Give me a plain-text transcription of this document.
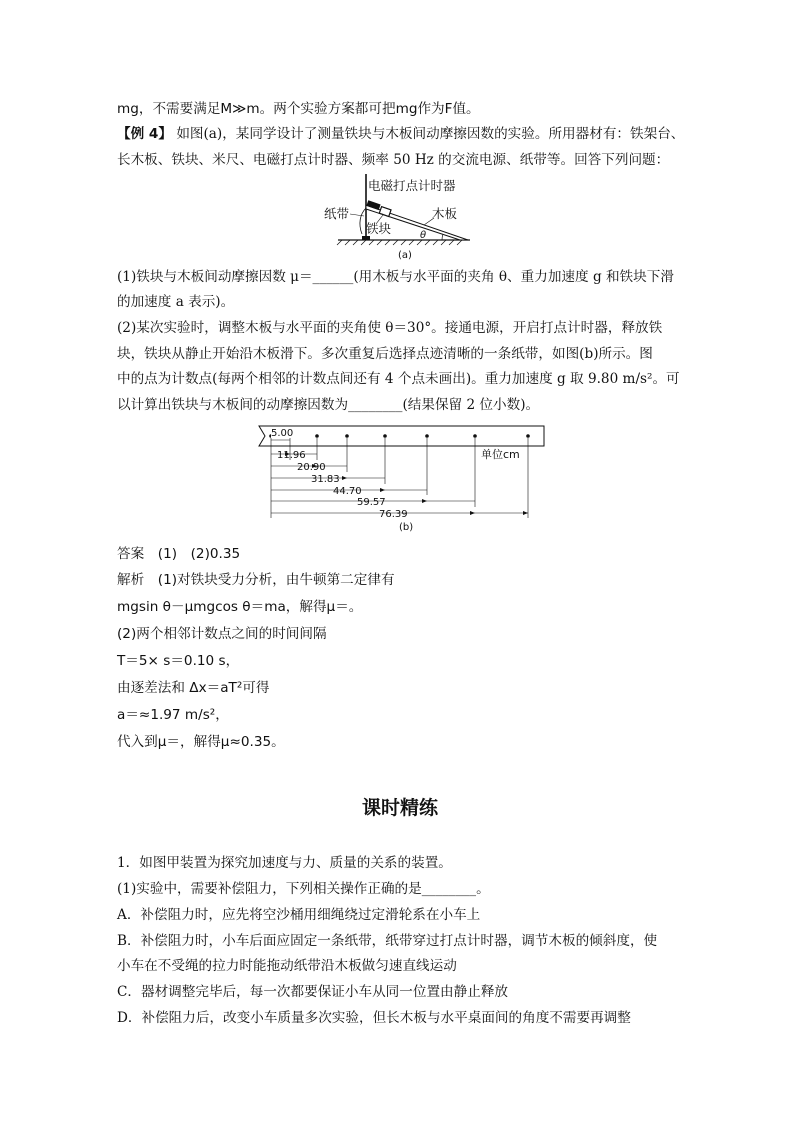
mg，不需要满足M≫m。两个实验方案都可把mg作为F值。
【例 4】 如图(a)，某同学设计了测量铁块与木板间动摩擦因数的实验。所用器材有：铁架台、
长木板、铁块、米尺、电磁打点计时器、频率 50 Hz 的交流电源、纸带等。回答下列问题：
电磁打点计时器
纸带
铁块
木板
θ
(a)
(1)铁块与木板间动摩擦因数 μ＝______(用木板与水平面的夹角 θ、重力加速度 g 和铁块下滑
的加速度 a 表示)。
(2)某次实验时，调整木板与水平面的夹角使 θ＝30°。接通电源，开启打点计时器，释放铁
块，铁块从静止开始沿木板滑下。多次重复后选择点迹清晰的一条纸带，如图(b)所示。图
中的点为计数点(每两个相邻的计数点间还有 4 个点未画出)。重力加速度 g 取 9.80 m/s²。可
以计算出铁块与木板间的动摩擦因数为________(结果保留 2 位小数)。
5.00
11.96
20.90
31.83
44.70
59.57
76.39
单位cm
(b)
答案　(1)　(2)0.35
解析　(1)对铁块受力分析，由牛顿第二定律有
mgsin θ－μmgcos θ＝ma，解得μ＝。
(2)两个相邻计数点之间的时间间隔
T＝5× s＝0.10 s，
由逐差法和 Δx＝aT²可得
a＝≈1.97 m/s²，
代入到μ＝，解得μ≈0.35。
课时精练
1．如图甲装置为探究加速度与力、质量的关系的装置。
(1)实验中，需要补偿阻力，下列相关操作正确的是________。
A．补偿阻力时，应先将空沙桶用细绳绕过定滑轮系在小车上
B．补偿阻力时，小车后面应固定一条纸带，纸带穿过打点计时器，调节木板的倾斜度，使
小车在不受绳的拉力时能拖动纸带沿木板做匀速直线运动
C．器材调整完毕后，每一次都要保证小车从同一位置由静止释放
D．补偿阻力后，改变小车质量多次实验，但长木板与水平桌面间的角度不需要再调整
